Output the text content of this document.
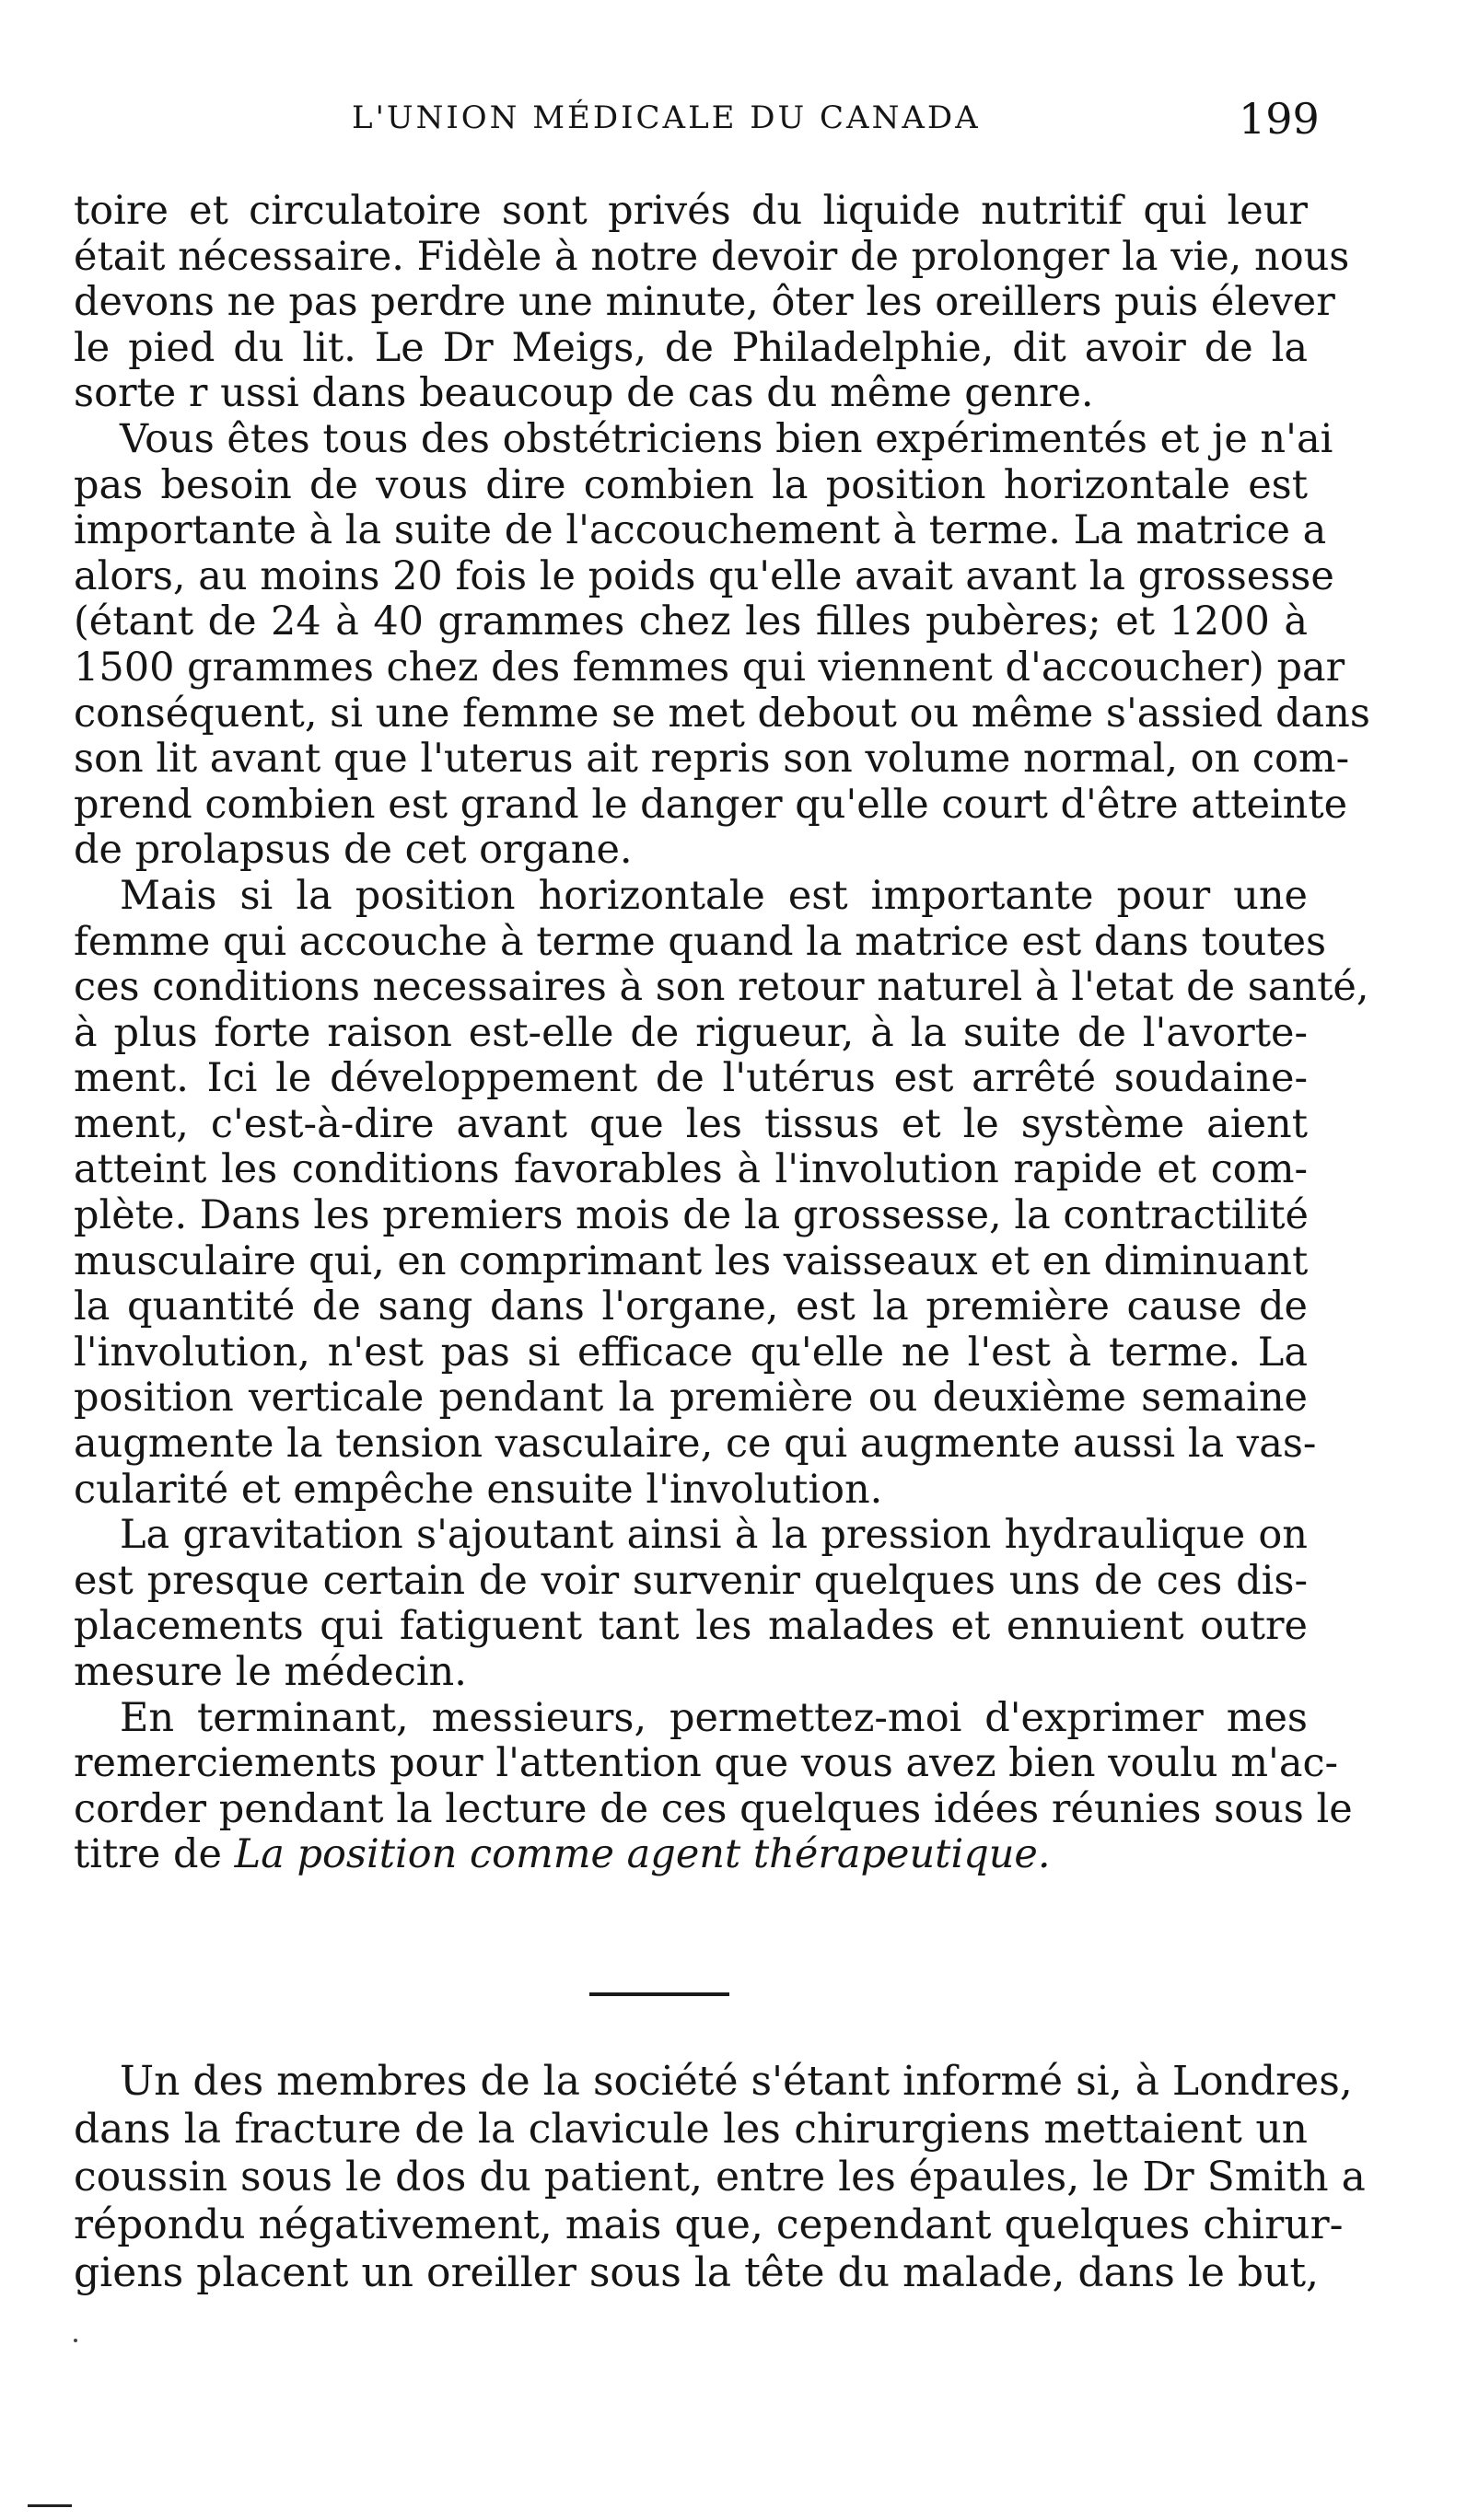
L'UNION MÉDICALE DU CANADA	199
toire et circulatoire sont privés du liquide nutritif qui leur
était nécessaire. Fidèle à notre devoir de prolonger la vie, nous
devons ne pas perdre une minute, ôter les oreillers puis élever
le pied du lit. Le Dr Meigs, de Philadelphie, dit avoir de la
sorte r ussi dans beaucoup de cas du même genre.
Vous êtes tous des obstétriciens bien expérimentés et je n'ai
pas besoin de vous dire combien la position horizontale est
importante à la suite de l'accouchement à terme. La matrice a
alors, au moins 20 fois le poids qu'elle avait avant la grossesse
(étant de 24 à 40 grammes chez les filles pubères; et 1200 à
1500 grammes chez des femmes qui viennent d'accoucher) par
conséquent, si une femme se met debout ou même s'assied dans
son lit avant que l'uterus ait repris son volume normal, on com-
prend combien est grand le danger qu'elle court d'être atteinte
de prolapsus de cet organe.
Mais si la position horizontale est importante pour une
femme qui accouche à terme quand la matrice est dans toutes
ces conditions necessaires à son retour naturel à l'etat de santé,
à plus forte raison est-elle de rigueur, à la suite de l'avorte-
ment. Ici le développement de l'utérus est arrêté soudaine-
ment, c'est-à-dire avant que les tissus et le système aient
atteint les conditions favorables à l'involution rapide et com-
plète. Dans les premiers mois de la grossesse, la contractilité
musculaire qui, en comprimant les vaisseaux et en diminuant
la quantité de sang dans l'organe, est la première cause de
l'involution, n'est pas si efficace qu'elle ne l'est à terme. La
position verticale pendant la première ou deuxième semaine
augmente la tension vasculaire, ce qui augmente aussi la vas-
cularité et empêche ensuite l'involution.
La gravitation s'ajoutant ainsi à la pression hydraulique on
est presque certain de voir survenir quelques uns de ces dis-
placements qui fatiguent tant les malades et ennuient outre
mesure le médecin.
En terminant, messieurs, permettez-moi d'exprimer mes
remerciements pour l'attention que vous avez bien voulu m'ac-
corder pendant la lecture de ces quelques idées réunies sous le
titre de La position comme agent thérapeutique.
Un des membres de la société s'étant informé si, à Londres,
dans la fracture de la clavicule les chirurgiens mettaient un
coussin sous le dos du patient, entre les épaules, le Dr Smith a
répondu négativement, mais que, cependant quelques chirur-
giens placent un oreiller sous la tête du malade, dans le but,
